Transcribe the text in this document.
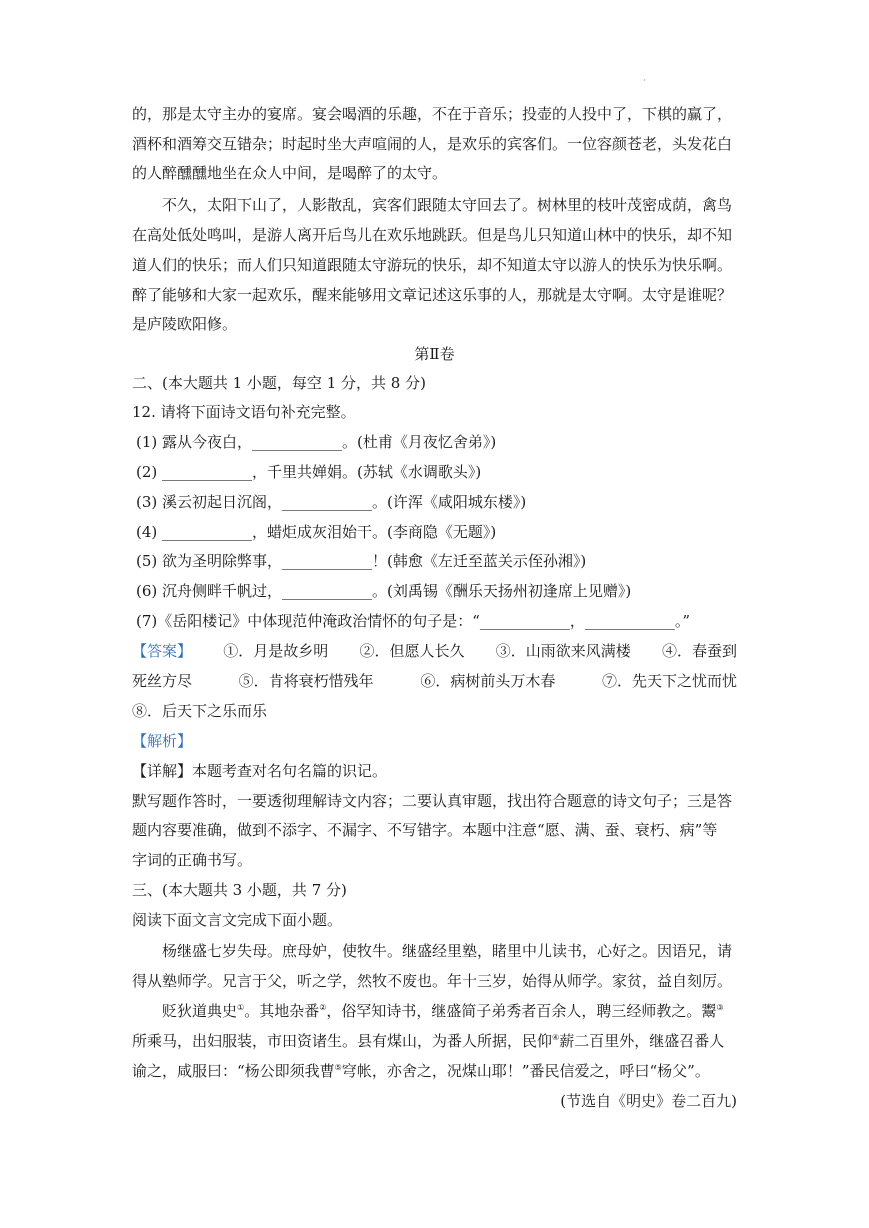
·
的，那是太守主办的宴席。宴会喝酒的乐趣，不在于音乐；投壶的人投中了，下棋的赢了，
酒杯和酒筹交互错杂；时起时坐大声喧闹的人，是欢乐的宾客们。一位容颜苍老，头发花白
的人醉醺醺地坐在众人中间，是喝醉了的太守。
不久，太阳下山了，人影散乱，宾客们跟随太守回去了。树林里的枝叶茂密成荫，禽鸟
在高处低处鸣叫，是游人离开后鸟儿在欢乐地跳跃。但是鸟儿只知道山林中的快乐，却不知
道人们的快乐；而人们只知道跟随太守游玩的快乐，却不知道太守以游人的快乐为快乐啊。
醉了能够和大家一起欢乐，醒来能够用文章记述这乐事的人，那就是太守啊。太守是谁呢？
是庐陵欧阳修。
第Ⅱ卷
二、(本大题共 1 小题，每空 1 分，共 8 分)
12. 请将下面诗文语句补充完整。
(1) 露从今夜白，____________。(杜甫《月夜忆舍弟》)
(2) ____________，千里共婵娟。(苏轼《水调歌头》)
(3) 溪云初起日沉阁，____________。(许浑《咸阳城东楼》)
(4) ____________，蜡炬成灰泪始干。(李商隐《无题》)
(5) 欲为圣明除弊事，____________！(韩愈《左迁至蓝关示侄孙湘》)
(6) 沉舟侧畔千帆过，____________。(刘禹锡《酬乐天扬州初逢席上见赠》)
(7)《岳阳楼记》中体现范仲淹政治情怀的句子是：“____________，____________。”
【答案】 ①．月是故乡明 ②．但愿人长久 ③．山雨欲来风满楼 ④．春蚕到
死丝方尽	⑤．肯将衰朽惜残年	⑥．病树前头万木春	⑦．先天下之忧而忧
⑧．后天下之乐而乐
【解析】
【详解】本题考查对名句名篇的识记。
默写题作答时，一要透彻理解诗文内容；二要认真审题，找出符合题意的诗文句子；三是答
题内容要准确，做到不添字、不漏字、不写错字。本题中注意“愿、满、蚕、衰朽、病”等
字词的正确书写。
三、(本大题共 3 小题，共 7 分)
阅读下面文言文完成下面小题。
杨继盛七岁失母。庶母妒，使牧牛。继盛经里塾，睹里中儿读书，心好之。因语兄，请
得从塾师学。兄言于父，听之学，然牧不废也。年十三岁，始得从师学。家贫，益自刻厉。
贬狄道典史①。其地杂番②，俗罕知诗书，继盛简子弟秀者百余人，聘三经师教之。鬻③
所乘马，出妇服装，市田资诸生。县有煤山，为番人所据，民仰④薪二百里外，继盛召番人
谕之，咸服曰：“杨公即须我曹⑤穹帐，亦舍之，况煤山耶！”番民信爱之，呼曰“杨父”。
(节选自《明史》卷二百九)
